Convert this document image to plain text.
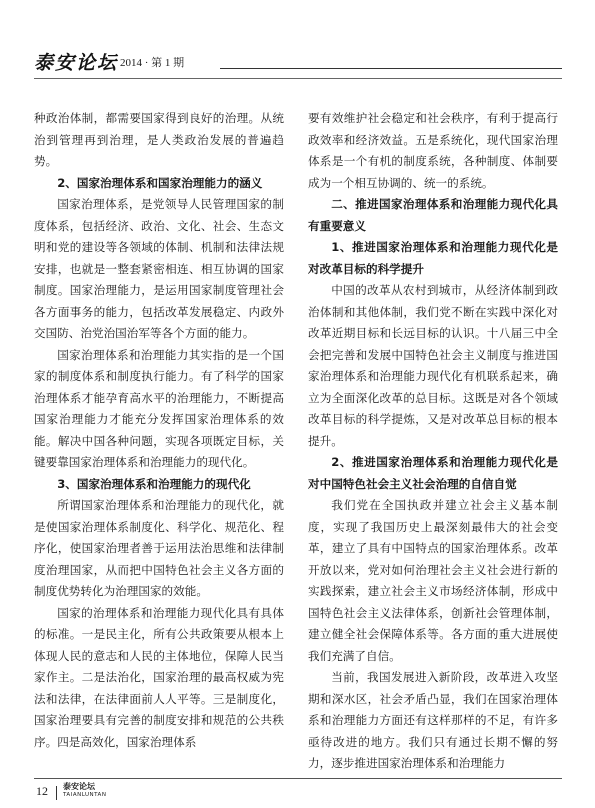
泰安论坛 2014 · 第 1 期

种政治体制，都需要国家得到良好的治理。从统治到管理再到治理，是人类政治发展的普遍趋势。

2、国家治理体系和国家治理能力的涵义

国家治理体系，是党领导人民管理国家的制度体系，包括经济、政治、文化、社会、生态文明和党的建设等各领域的体制、机制和法律法规安排，也就是一整套紧密相连、相互协调的国家制度。国家治理能力，是运用国家制度管理社会各方面事务的能力，包括改革发展稳定、内政外交国防、治党治国治军等各个方面的能力。

国家治理体系和治理能力其实指的是一个国家的制度体系和制度执行能力。有了科学的国家治理体系才能孕育高水平的治理能力，不断提高国家治理能力才能充分发挥国家治理体系的效能。解决中国各种问题，实现各项既定目标，关键要靠国家治理体系和治理能力的现代化。

3、国家治理体系和治理能力的现代化

所谓国家治理体系和治理能力的现代化，就是使国家治理体系制度化、科学化、规范化、程序化，使国家治理者善于运用法治思维和法律制度治理国家，从而把中国特色社会主义各方面的制度优势转化为治理国家的效能。

国家的治理体系和治理能力现代化具有具体的标准。一是民主化，所有公共政策要从根本上体现人民的意志和人民的主体地位，保障人民当家作主。二是法治化，国家治理的最高权威为宪法和法律，在法律面前人人平等。三是制度化，国家治理要具有完善的制度安排和规范的公共秩序。四是高效化，国家治理体系

要有效维护社会稳定和社会秩序，有利于提高行政效率和经济效益。五是系统化，现代国家治理体系是一个有机的制度系统，各种制度、体制要成为一个相互协调的、统一的系统。

二、推进国家治理体系和治理能力现代化具有重要意义
1、推进国家治理体系和治理能力现代化是对改革目标的科学提升

中国的改革从农村到城市，从经济体制到政治体制和其他体制，我们党不断在实践中深化对改革近期目标和长远目标的认识。十八届三中全会把完善和发展中国特色社会主义制度与推进国家治理体系和治理能力现代化有机联系起来，确立为全面深化改革的总目标。这既是对各个领域改革目标的科学提炼，又是对改革总目标的根本提升。

2、推进国家治理体系和治理能力现代化是对中国特色社会主义社会治理的自信自觉

我们党在全国执政并建立社会主义基本制度，实现了我国历史上最深刻最伟大的社会变革，建立了具有中国特点的国家治理体系。改革开放以来，党对如何治理社会主义社会进行新的实践探索，建立社会主义市场经济体制，形成中国特色社会主义法律体系，创新社会管理体制，建立健全社会保障体系等。各方面的重大进展使我们充满了自信。

当前，我国发展进入新阶段，改革进入攻坚期和深水区，社会矛盾凸显，我们在国家治理体系和治理能力方面还有这样那样的不足，有许多亟待改进的地方。我们只有通过长期不懈的努力，逐步推进国家治理体系和治理能力

12 泰安论坛
TAIANLUNTAN
